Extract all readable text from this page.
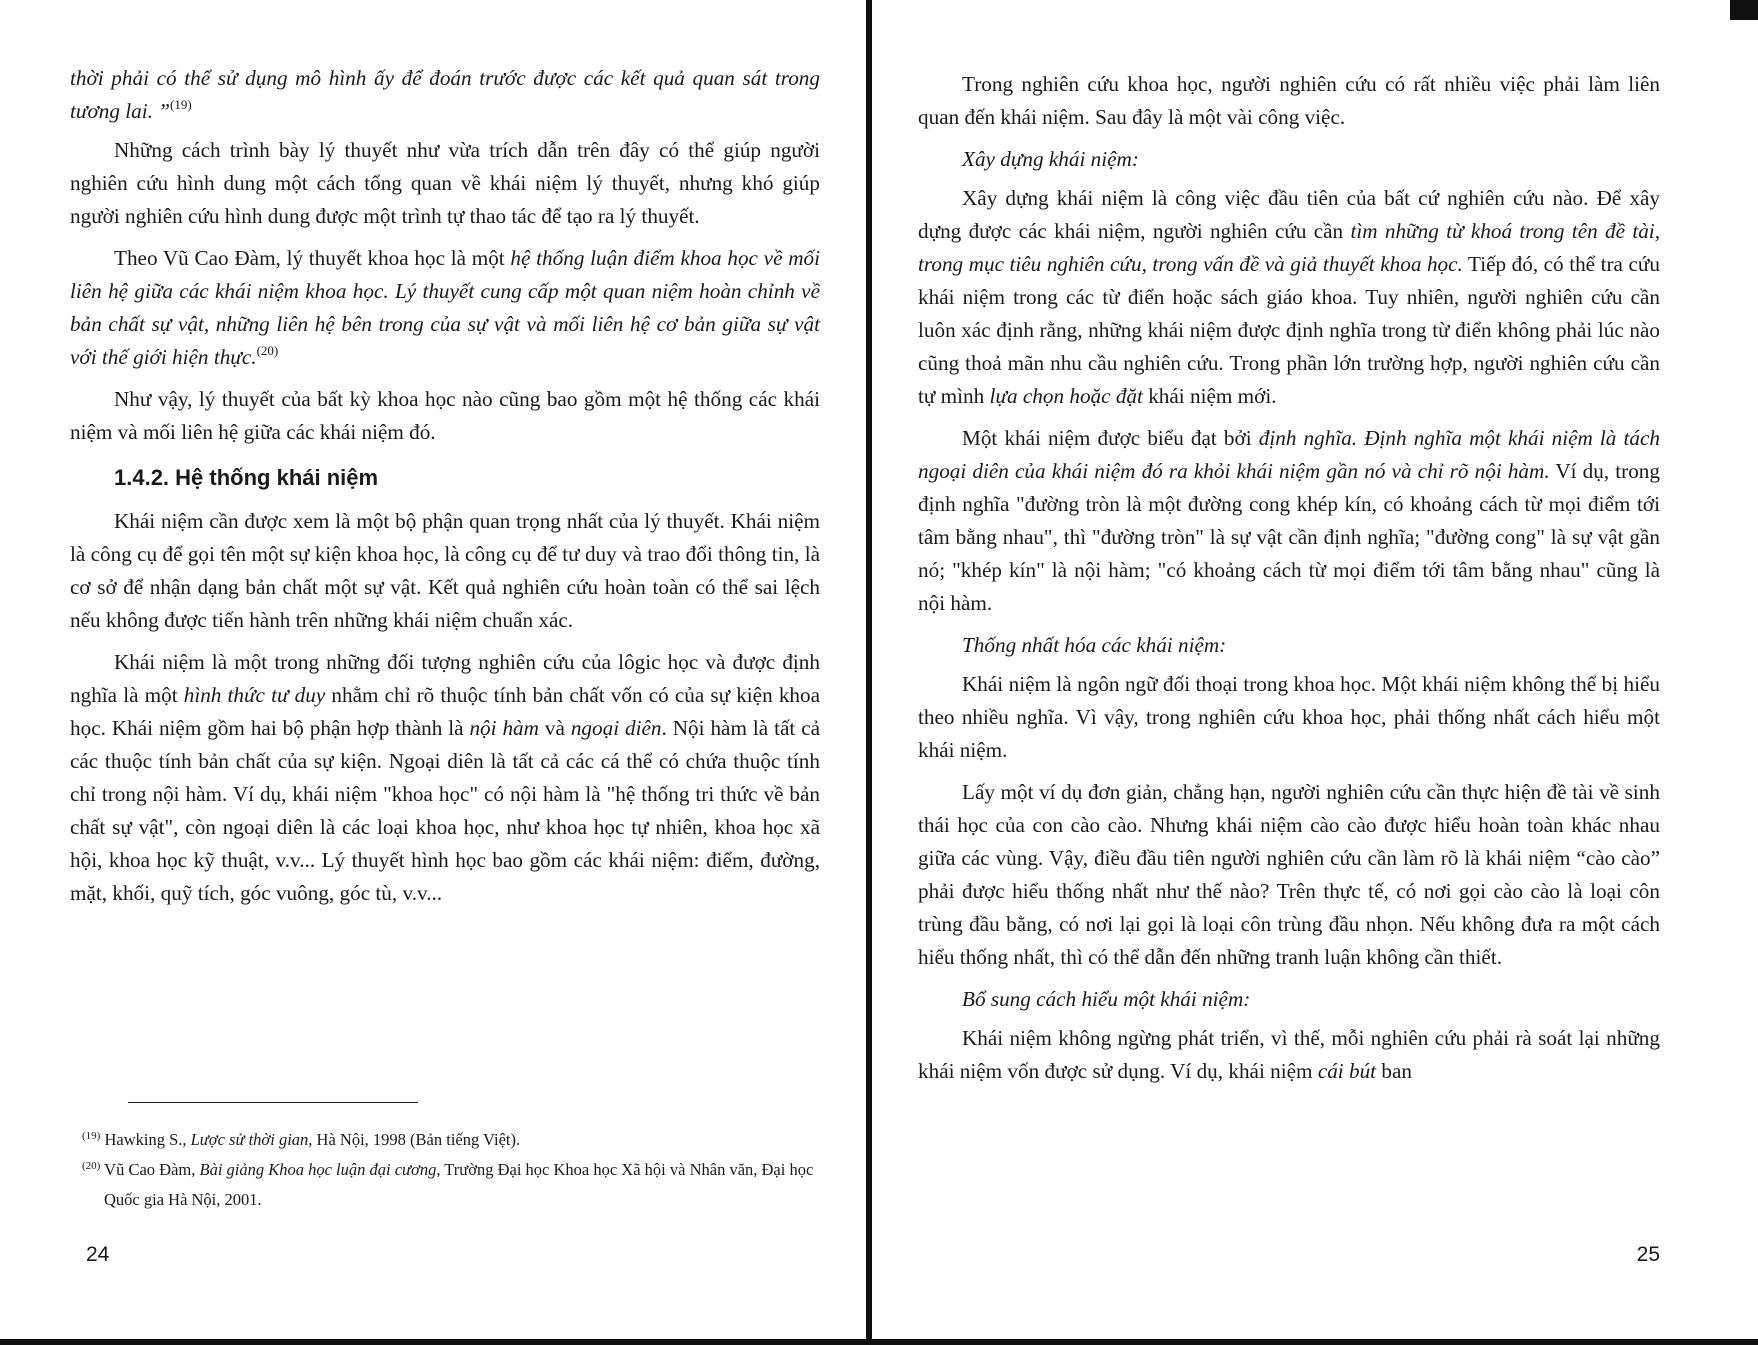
thời phải có thể sử dụng mô hình ấy để đoán trước được các kết quả quan sát trong tương lai. ”$^{(19)}$

Những cách trình bày lý thuyết như vừa trích dẫn trên đây có thể giúp người nghiên cứu hình dung một cách tổng quan về khái niệm lý thuyết, nhưng khó giúp người nghiên cứu hình dung được một trình tự thao tác để tạo ra lý thuyết.

Theo Vũ Cao Đàm, lý thuyết khoa học là một hệ thống luận điểm khoa học về mối liên hệ giữa các khái niệm khoa học. Lý thuyết cung cấp một quan niệm hoàn chỉnh về bản chất sự vật, những liên hệ bên trong của sự vật và mối liên hệ cơ bản giữa sự vật với thế giới hiện thực.$^{(20)}$

Như vậy, lý thuyết của bất kỳ khoa học nào cũng bao gồm một hệ thống các khái niệm và mối liên hệ giữa các khái niệm đó.

1.4.2. Hệ thống khái niệm

Khái niệm cần được xem là một bộ phận quan trọng nhất của lý thuyết. Khái niệm là công cụ để gọi tên một sự kiện khoa học, là công cụ để tư duy và trao đổi thông tin, là cơ sở để nhận dạng bản chất một sự vật. Kết quả nghiên cứu hoàn toàn có thể sai lệch nếu không được tiến hành trên những khái niệm chuẩn xác.

Khái niệm là một trong những đối tượng nghiên cứu của lôgic học và được định nghĩa là một hình thức tư duy nhằm chỉ rõ thuộc tính bản chất vốn có của sự kiện khoa học. Khái niệm gồm hai bộ phận hợp thành là nội hàm và ngoại diên. Nội hàm là tất cả các thuộc tính bản chất của sự kiện. Ngoại diên là tất cả các cá thể có chứa thuộc tính chỉ trong nội hàm. Ví dụ, khái niệm "khoa học" có nội hàm là "hệ thống tri thức về bản chất sự vật", còn ngoại diên là các loại khoa học, như khoa học tự nhiên, khoa học xã hội, khoa học kỹ thuật, v.v... Lý thuyết hình học bao gồm các khái niệm: điểm, đường, mặt, khối, quỹ tích, góc vuông, góc tù, v.v...

$^{(19)}$ Hawking S., Lược sử thời gian, Hà Nội, 1998 (Bản tiếng Việt).

$^{(20)}$ Vũ Cao Đàm, Bài giảng Khoa học luận đại cương, Trường Đại học Khoa học Xã hội và Nhân văn, Đại học Quốc gia Hà Nội, 2001.

24

Trong nghiên cứu khoa học, người nghiên cứu có rất nhiều việc phải làm liên quan đến khái niệm. Sau đây là một vài công việc.

Xây dựng khái niệm:

Xây dựng khái niệm là công việc đầu tiên của bất cứ nghiên cứu nào. Để xây dựng được các khái niệm, người nghiên cứu cần tìm những từ khoá trong tên đề tài, trong mục tiêu nghiên cứu, trong vấn đề và giả thuyết khoa học. Tiếp đó, có thể tra cứu khái niệm trong các từ điển hoặc sách giáo khoa. Tuy nhiên, người nghiên cứu cần luôn xác định rằng, những khái niệm được định nghĩa trong từ điển không phải lúc nào cũng thoả mãn nhu cầu nghiên cứu. Trong phần lớn trường hợp, người nghiên cứu cần tự mình lựa chọn hoặc đặt khái niệm mới.

Một khái niệm được biểu đạt bởi định nghĩa. Định nghĩa một khái niệm là tách ngoại diên của khái niệm đó ra khỏi khái niệm gần nó và chỉ rõ nội hàm. Ví dụ, trong định nghĩa "đường tròn là một đường cong khép kín, có khoảng cách từ mọi điểm tới tâm bằng nhau", thì "đường tròn" là sự vật cần định nghĩa; "đường cong" là sự vật gần nó; "khép kín" là nội hàm; "có khoảng cách từ mọi điểm tới tâm bằng nhau" cũng là nội hàm.

Thống nhất hóa các khái niệm:

Khái niệm là ngôn ngữ đối thoại trong khoa học. Một khái niệm không thể bị hiểu theo nhiều nghĩa. Vì vậy, trong nghiên cứu khoa học, phải thống nhất cách hiểu một khái niệm.

Lấy một ví dụ đơn giản, chẳng hạn, người nghiên cứu cần thực hiện đề tài về sinh thái học của con cào cào. Nhưng khái niệm cào cào được hiểu hoàn toàn khác nhau giữa các vùng. Vậy, điều đầu tiên người nghiên cứu cần làm rõ là khái niệm “cào cào” phải được hiểu thống nhất như thế nào? Trên thực tế, có nơi gọi cào cào là loại côn trùng đầu bằng, có nơi lại gọi là loại côn trùng đầu nhọn. Nếu không đưa ra một cách hiểu thống nhất, thì có thể dẫn đến những tranh luận không cần thiết.

Bổ sung cách hiểu một khái niệm:

Khái niệm không ngừng phát triển, vì thế, mỗi nghiên cứu phải rà soát lại những khái niệm vốn được sử dụng. Ví dụ, khái niệm cái bút ban

25
